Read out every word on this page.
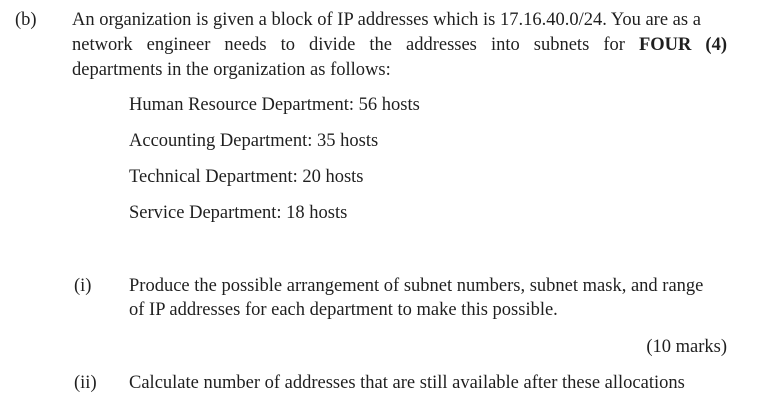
(b) An organization is given a block of IP addresses which is 17.16.40.0/24. You are as a
network engineer needs to divide the addresses into subnets for FOUR (4)
departments in the organization as follows:
Human Resource Department: 56 hosts
Accounting Department: 35 hosts
Technical Department: 20 hosts
Service Department: 18 hosts
(i) Produce the possible arrangement of subnet numbers, subnet mask, and range
of IP addresses for each department to make this possible.
(10 marks)
(ii) Calculate number of addresses that are still available after these allocations
